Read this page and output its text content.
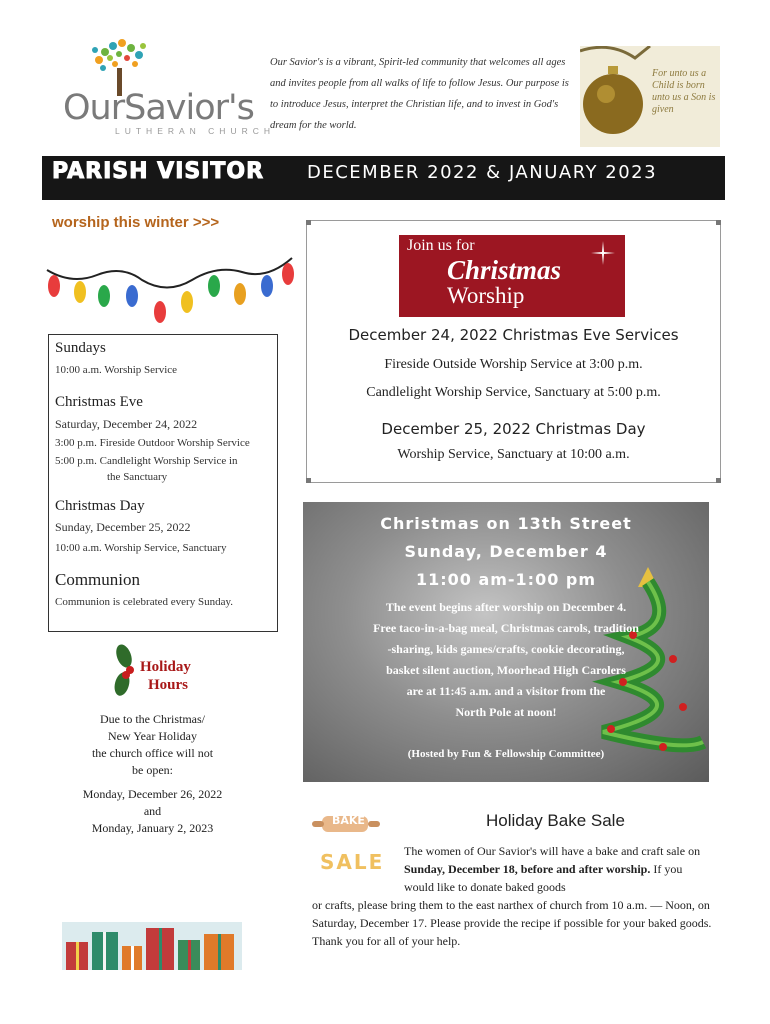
OurSavior's
LUTHERAN CHURCH
Our Savior's is a vibrant, Spirit-led community that welcomes all ages and invites people from all walks of life to follow Jesus. Our purpose is to introduce Jesus, interpret the Christian life, and to invest in God's dream for the world.
For unto us a Child is born unto us a Son is given
PARISH VISITOR DECEMBER 2022 & JANUARY 2023
worship this winter >>>
Sundays
10:00 a.m. Worship Service
Christmas Eve
Saturday, December 24, 2022
3:00 p.m. Fireside Outdoor Worship Service
5:00 p.m. Candlelight Worship Service in
the Sanctuary
Christmas Day
Sunday, December 25, 2022
10:00 a.m. Worship Service, Sanctuary
Communion
Communion is celebrated every Sunday.
Holiday
Hours
Due to the Christmas/
New Year Holiday
the church office will not
be open:
Monday, December 26, 2022
and
Monday, January 2, 2023
Join us for
Christmas
Worship
December 24, 2022 Christmas Eve Services
Fireside Outside Worship Service at 3:00 p.m.
Candlelight Worship Service, Sanctuary at 5:00 p.m.
December 25, 2022 Christmas Day
Worship Service, Sanctuary at 10:00 a.m.
Christmas on 13th Street
Sunday, December 4
11:00 am-1:00 pm
The event begins after worship on December 4.
Free taco-in-a-bag meal, Christmas carols, tradition
-sharing, kids games/crafts, cookie decorating,
basket silent auction, Moorhead High Carolers
are at 11:45 a.m. and a visitor from the
North Pole at noon!
(Hosted by Fun & Fellowship Committee)
BAKE
SALE
Holiday Bake Sale
The women of Our Savior's will have a bake and craft sale on Sunday, December 18, before and after worship. If you would like to donate baked goods
or crafts, please bring them to the east narthex of church from 10 a.m. — Noon, on Saturday, December 17. Please provide the recipe if possible for your baked goods. Thank you for all of your help.
